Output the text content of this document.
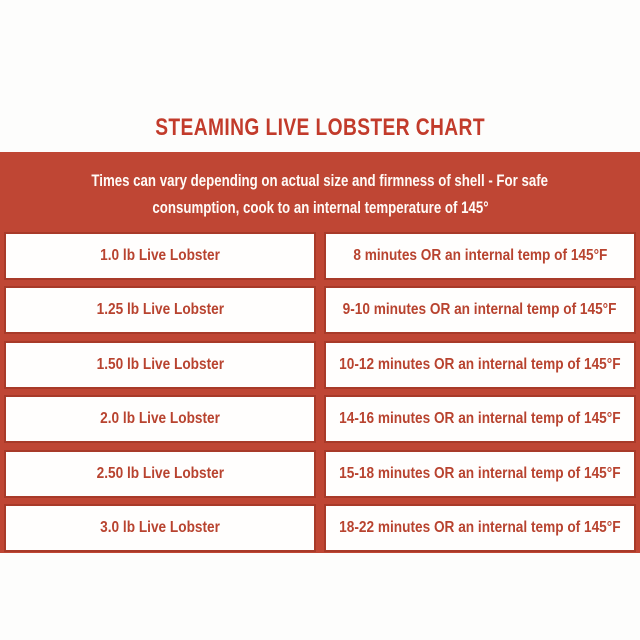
STEAMING LIVE LOBSTER CHART
Times can vary depending on actual size and firmness of shell - For safe
consumption, cook to an internal temperature of 145°
1.0 lb Live Lobster	8 minutes OR an internal temp of 145°F
1.25 lb Live Lobster	9-10 minutes OR an internal temp of 145°F
1.50 lb Live Lobster	10-12 minutes OR an internal temp of 145°F
2.0 lb Live Lobster	14-16 minutes OR an internal temp of 145°F
2.50 lb Live Lobster	15-18 minutes OR an internal temp of 145°F
3.0 lb Live Lobster	18-22 minutes OR an internal temp of 145°F
